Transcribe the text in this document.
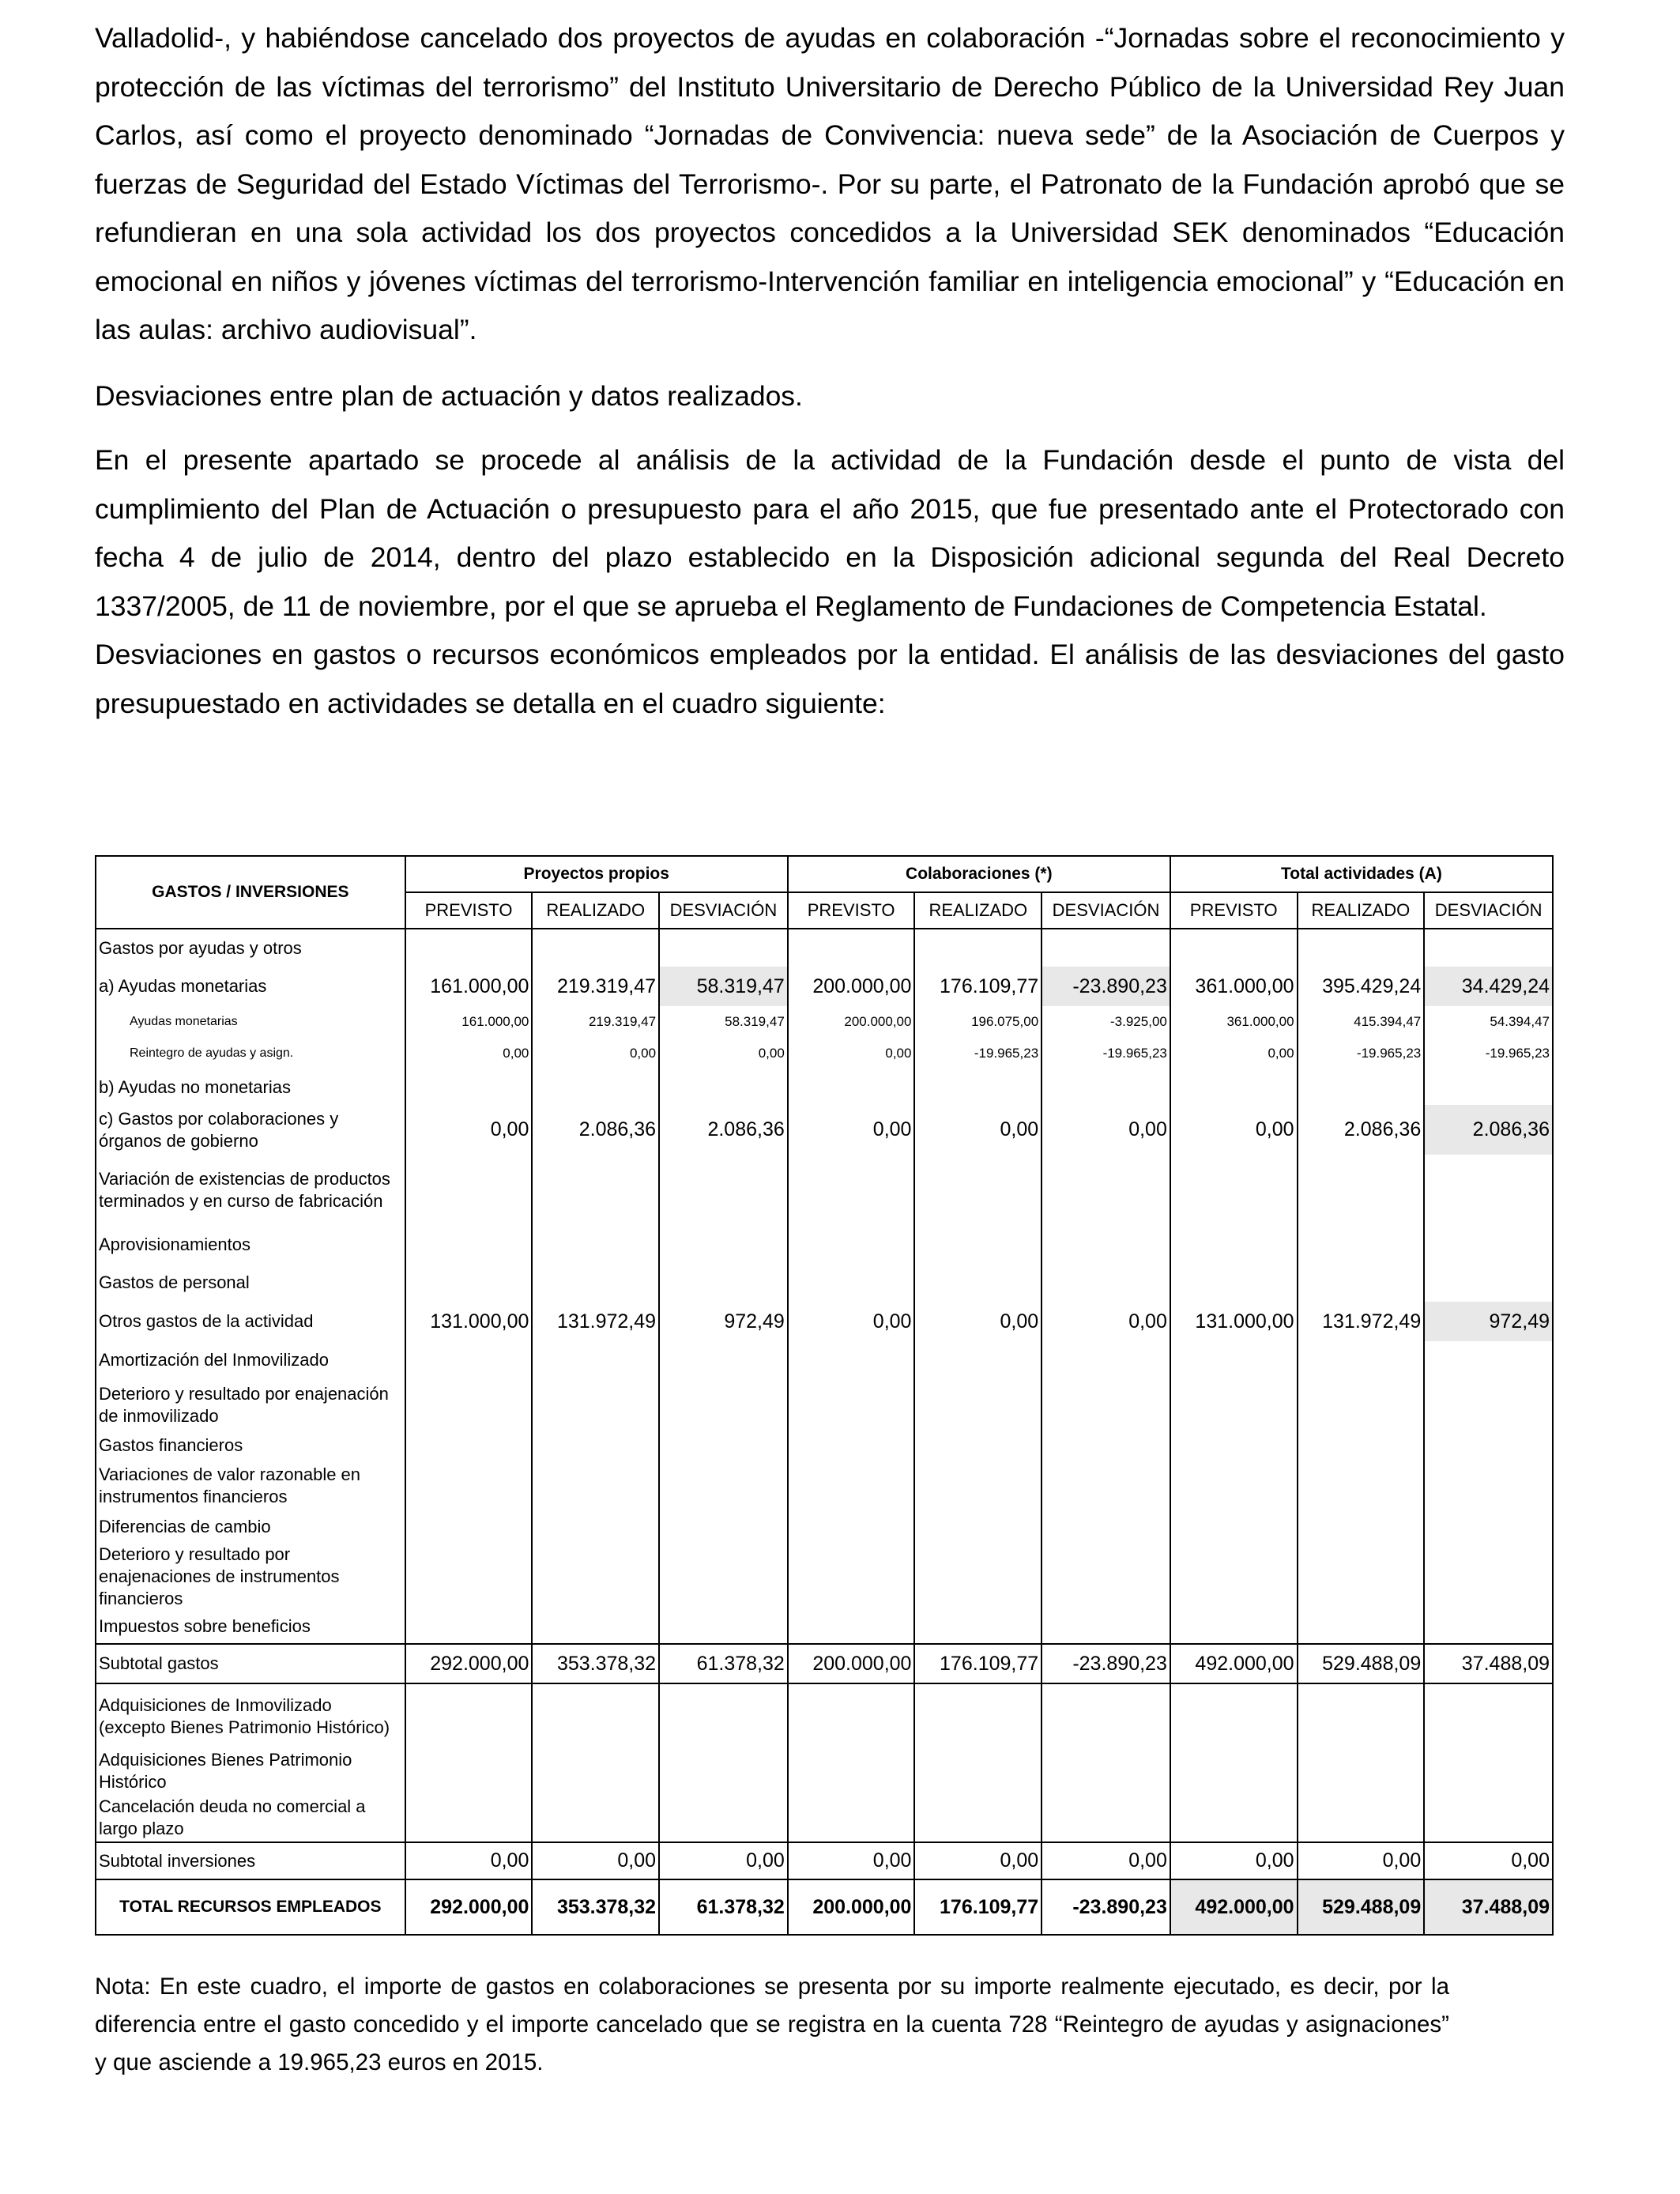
Valladolid-, y habiéndose cancelado dos proyectos de ayudas en colaboración -“Jornadas sobre el reconocimiento y protección de las víctimas del terrorismo” del Instituto Universitario de Derecho Público de la Universidad Rey Juan Carlos, así como el proyecto denominado “Jornadas de Convivencia: nueva sede” de la Asociación de Cuerpos y fuerzas de Seguridad del Estado Víctimas del Terrorismo-. Por su parte, el Patronato de la Fundación aprobó que se refundieran en una sola actividad los dos proyectos concedidos a la Universidad SEK denominados “Educación emocional en niños y jóvenes víctimas del terrorismo-Intervención familiar en inteligencia emocional” y “Educación en las aulas: archivo audiovisual”.

Desviaciones entre plan de actuación y datos realizados.

En el presente apartado se procede al análisis de la actividad de la Fundación desde el punto de vista del cumplimiento del Plan de Actuación o presupuesto para el año 2015, que fue presentado ante el Protectorado con fecha 4 de julio de 2014, dentro del plazo establecido en la Disposición adicional segunda del Real Decreto 1337/2005, de 11 de noviembre, por el que se aprueba el Reglamento de Fundaciones de Competencia Estatal.

Desviaciones en gastos o recursos económicos empleados por la entidad. El análisis de las desviaciones del gasto presupuestado en actividades se detalla en el cuadro siguiente:

GASTOS / INVERSIONES	Proyectos propios			Colaboraciones (*)			Total actividades (A)		
	PREVISTO	REALIZADO	DESVIACIÓN	PREVISTO	REALIZADO	DESVIACIÓN	PREVISTO	REALIZADO	DESVIACIÓN
Gastos por ayudas y otros									
a) Ayudas monetarias	161.000,00	219.319,47	58.319,47	200.000,00	176.109,77	-23.890,23	361.000,00	395.429,24	34.429,24
Ayudas monetarias	161.000,00	219.319,47	58.319,47	200.000,00	196.075,00	-3.925,00	361.000,00	415.394,47	54.394,47
Reintegro de ayudas y asign.	0,00	0,00	0,00	0,00	-19.965,23	-19.965,23	0,00	-19.965,23	-19.965,23
b) Ayudas no monetarias									
c) Gastos por colaboraciones y órganos de gobierno	0,00	2.086,36	2.086,36	0,00	0,00	0,00	0,00	2.086,36	2.086,36
Variación de existencias de productos terminados y en curso de fabricación									
Aprovisionamientos									
Gastos de personal									
Otros gastos de la actividad	131.000,00	131.972,49	972,49	0,00	0,00	0,00	131.000,00	131.972,49	972,49
Amortización del Inmovilizado									
Deterioro y resultado por enajenación de inmovilizado									
Gastos financieros									
Variaciones de valor razonable en instrumentos financieros									
Diferencias de cambio									
Deterioro y resultado por enajenaciones de instrumentos financieros									
Impuestos sobre beneficios									
Subtotal gastos	292.000,00	353.378,32	61.378,32	200.000,00	176.109,77	-23.890,23	492.000,00	529.488,09	37.488,09
Adquisiciones de Inmovilizado (excepto Bienes Patrimonio Histórico)									
Adquisiciones Bienes Patrimonio Histórico									
Cancelación deuda no comercial a largo plazo									
Subtotal inversiones	0,00	0,00	0,00	0,00	0,00	0,00	0,00	0,00	0,00
TOTAL RECURSOS EMPLEADOS	292.000,00	353.378,32	61.378,32	200.000,00	176.109,77	-23.890,23	492.000,00	529.488,09	37.488,09

Nota: En este cuadro, el importe de gastos en colaboraciones se presenta por su importe realmente ejecutado, es decir, por la diferencia entre el gasto concedido y el importe cancelado que se registra en la cuenta 728 “Reintegro de ayudas y asignaciones” y que asciende a 19.965,23 euros en 2015.
